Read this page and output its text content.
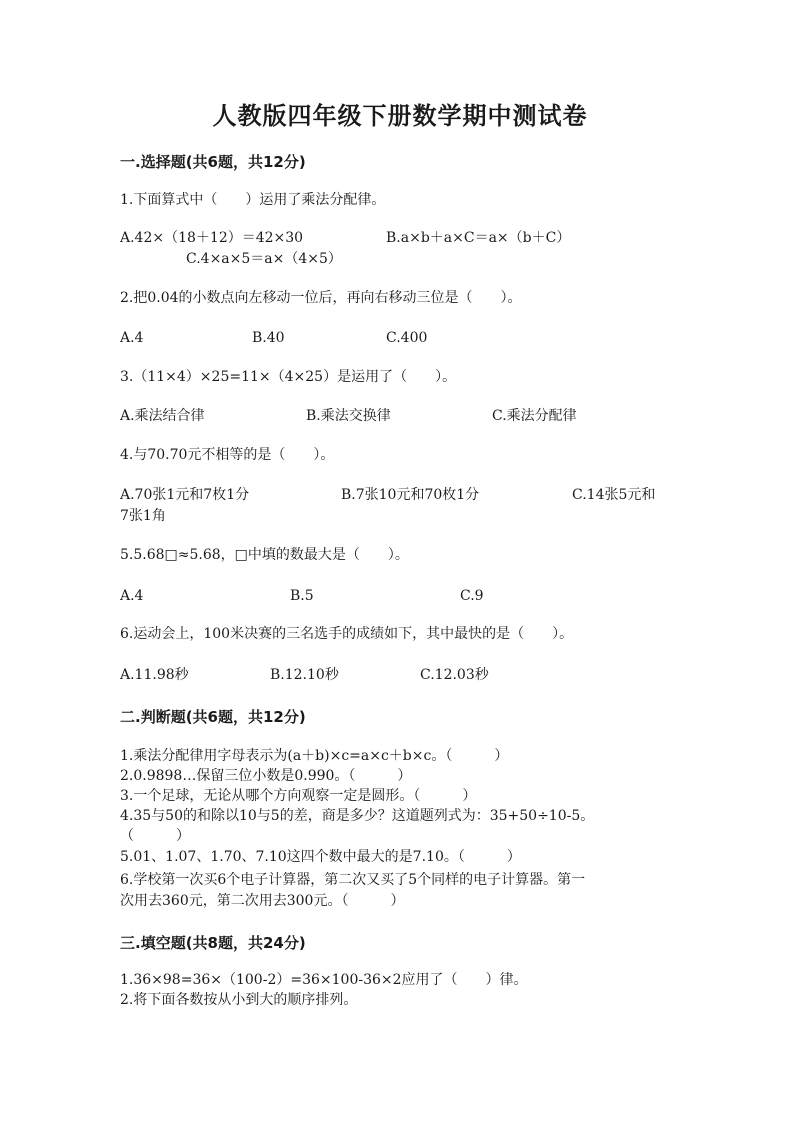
人教版四年级下册数学期中测试卷
一.选择题(共6题，共12分)
1.下面算式中（　　）运用了乘法分配律。
A.42×（18＋12）＝42×30	B.a×b＋a×C＝a×（b＋C）
C.4×a×5＝a×（4×5）
2.把0.04的小数点向左移动一位后，再向右移动三位是（　　）。
A.4	B.40	C.400
3.（11×4）×25=11×（4×25）是运用了（　　）。
A.乘法结合律	B.乘法交换律	C.乘法分配律
4.与70.70元不相等的是（　　）。
A.70张1元和7枚1分	B.7张10元和70枚1分	C.14张5元和
7张1角
5.5.68□≈5.68，□中填的数最大是（　　）。
A.4	B.5	C.9
6.运动会上，100米决赛的三名选手的成绩如下，其中最快的是（　　）。
A.11.98秒	B.12.10秒	C.12.03秒
二.判断题(共6题，共12分)
1.乘法分配律用字母表示为(a＋b)×c=a×c＋b×c。（　　　）
2.0.9898…保留三位小数是0.990。（　　　）
3.一个足球，无论从哪个方向观察一定是圆形。（　　　）
4.35与50的和除以10与5的差，商是多少？这道题列式为：35+50÷10-5。
（　　　）
5.01、1.07、1.70、7.10这四个数中最大的是7.10。（　　　）
6.学校第一次买6个电子计算器，第二次又买了5个同样的电子计算器。第一
次用去360元，第二次用去300元。（　　　）
三.填空题(共8题，共24分)
1.36×98=36×（100-2）=36×100-36×2应用了（　　）律。
2.将下面各数按从小到大的顺序排列。
